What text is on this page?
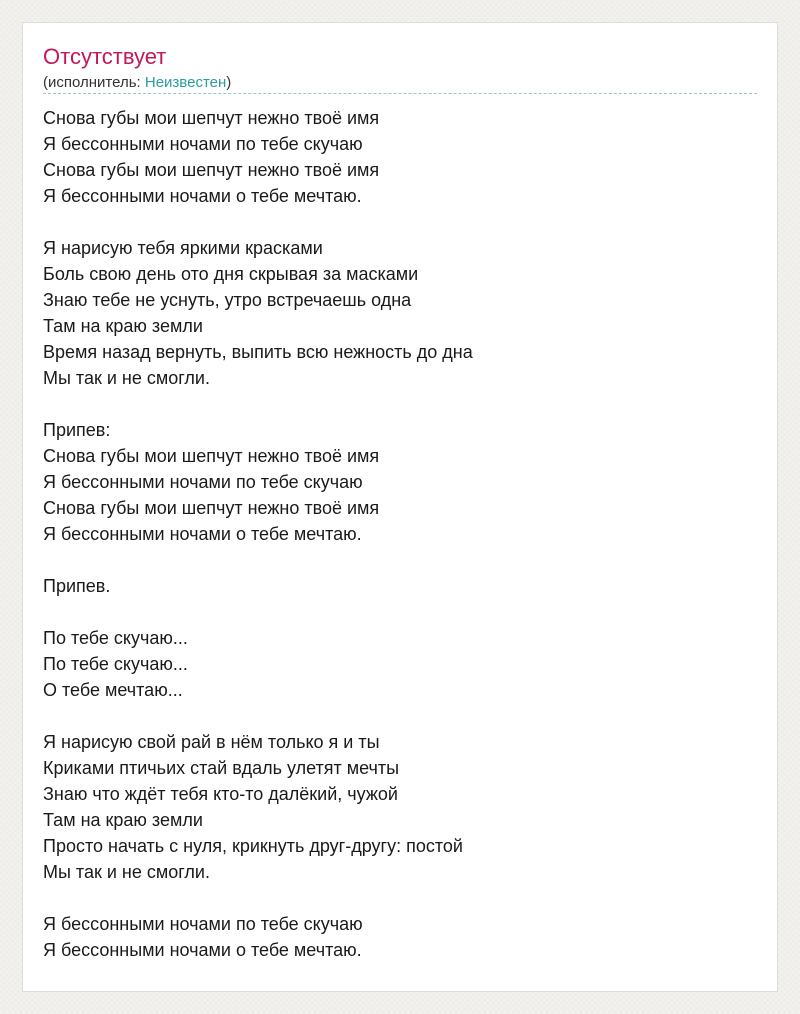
Отсутствует
(исполнитель: Неизвестен)
Снова губы мои шепчут нежно твоё имя
Я бессонными ночами по тебе скучаю
Снова губы мои шепчут нежно твоё имя
Я бессонными ночами о тебе мечтаю.
Я нарисую тебя яркими красками
Боль свою день ото дня скрывая за масками
Знаю тебе не уснуть, утро встречаешь одна
Там на краю земли
Время назад вернуть, выпить всю нежность до дна
Мы так и не смогли.
Припев:
Снова губы мои шепчут нежно твоё имя
Я бессонными ночами по тебе скучаю
Снова губы мои шепчут нежно твоё имя
Я бессонными ночами о тебе мечтаю.
Припев.
По тебе скучаю...
По тебе скучаю...
О тебе мечтаю...
Я нарисую свой рай в нём только я и ты
Криками птичьих стай вдаль улетят мечты
Знаю что ждёт тебя кто-то далёкий, чужой
Там на краю земли
Просто начать с нуля, крикнуть друг-другу: постой
Мы так и не смогли.
Я бессонными ночами по тебе скучаю
Я бессонными ночами о тебе мечтаю.
